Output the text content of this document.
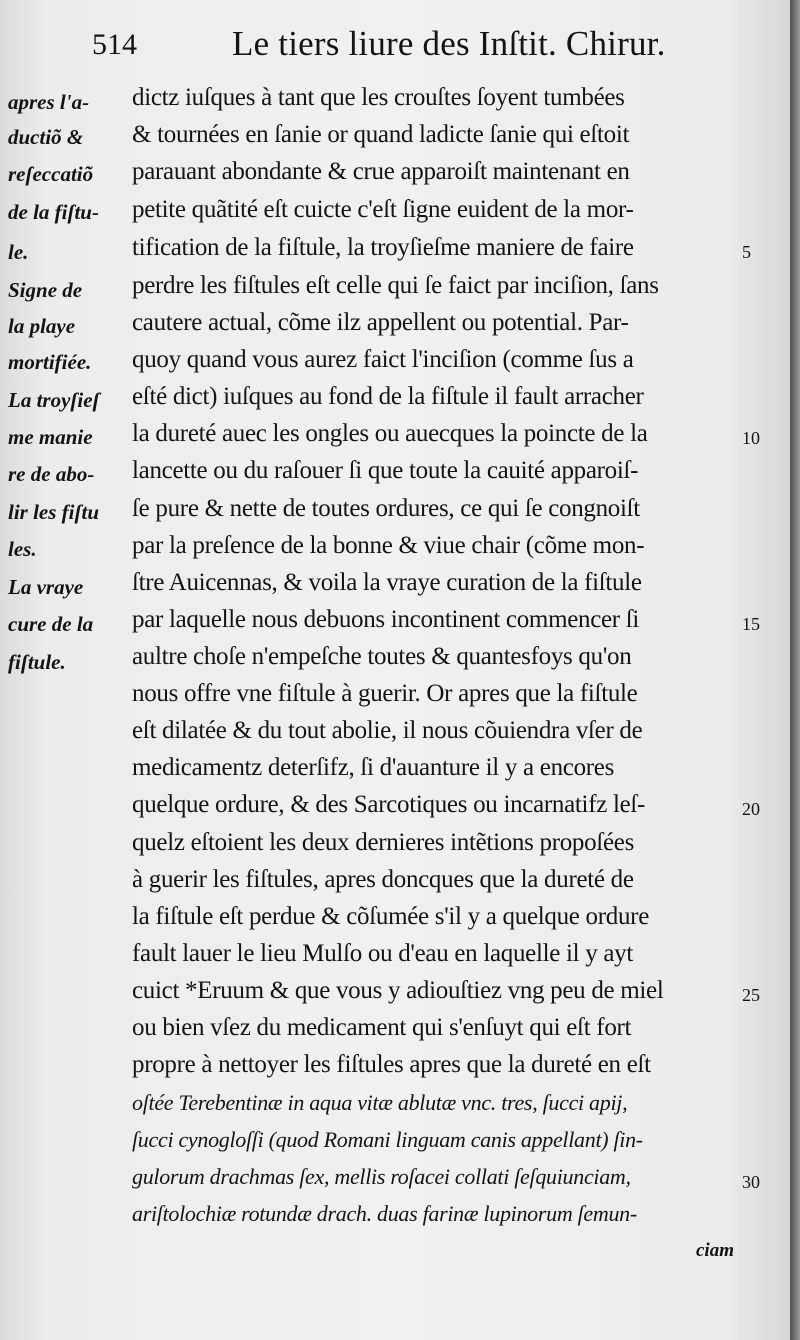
514	Le tiers liure des Inſtit. Chirur.
apres l'a-
ductiõ &
reſeccatiõ
de la fiſtu-
le.
Signe de
la playe
mortifiée.
La troyſieſ
me manie
re de abo-
lir les fiſtu
les.
La vraye
cure de la
fiſtule.
dictz iuſques à tant que les crouſtes ſoyent tumbées
& tournées en ſanie or quand ladicte ſanie qui eſtoit
parauant abondante & crue apparoiſt maintenant en
petite quãtité eſt cuicte c'eſt ſigne euident de la mor-
tification de la fiſtule, la troyſieſme maniere de faire
perdre les fiſtules eſt celle qui ſe faict par inciſion, ſans
cautere actual, cõme ilz appellent ou potential. Par-
quoy quand vous aurez faict l'inciſion (comme ſus a
eſté dict) iuſques au fond de la fiſtule il fault arracher
la dureté auec les ongles ou auecques la poincte de la
lancette ou du raſouer ſi que toute la cauité apparoiſ-
ſe pure & nette de toutes ordures, ce qui ſe congnoiſt
par la preſence de la bonne & viue chair (cõme mon-
ſtre Auicennas, & voila la vraye curation de la fiſtule
par laquelle nous debuons incontinent commencer ſi
aultre choſe n'empeſche toutes & quantesfoys qu'on
nous offre vne fiſtule à guerir. Or apres que la fiſtule
eſt dilatée & du tout abolie, il nous cõuiendra vſer de
medicamentz deterſifz, ſi d'auanture il y a encores
quelque ordure, & des Sarcotiques ou incarnatifz leſ-
quelz eſtoient les deux dernieres intẽtions propoſées
à guerir les fiſtules, apres doncques que la dureté de
la fiſtule eſt perdue & cõſumée s'il y a quelque ordure
fault lauer le lieu Mulſo ou d'eau en laquelle il y ayt
cuict *Eruum & que vous y adiouſtiez vng peu de miel
ou bien vſez du medicament qui s'enſuyt qui eſt fort
propre à nettoyer les fiſtules apres que la dureté en eſt
oſtée Terebentinæ in aqua vitæ ablutæ vnc. tres, ſucci apij,
ſucci cynogloſſi (quod Romani linguam canis appellant) ſin-
gulorum drachmas ſex, mellis roſacei collati ſeſquiunciam,
ariſtolochiæ rotundæ drach. duas farinæ lupinorum ſemun-
5
10
15
20
25
30
ciam
